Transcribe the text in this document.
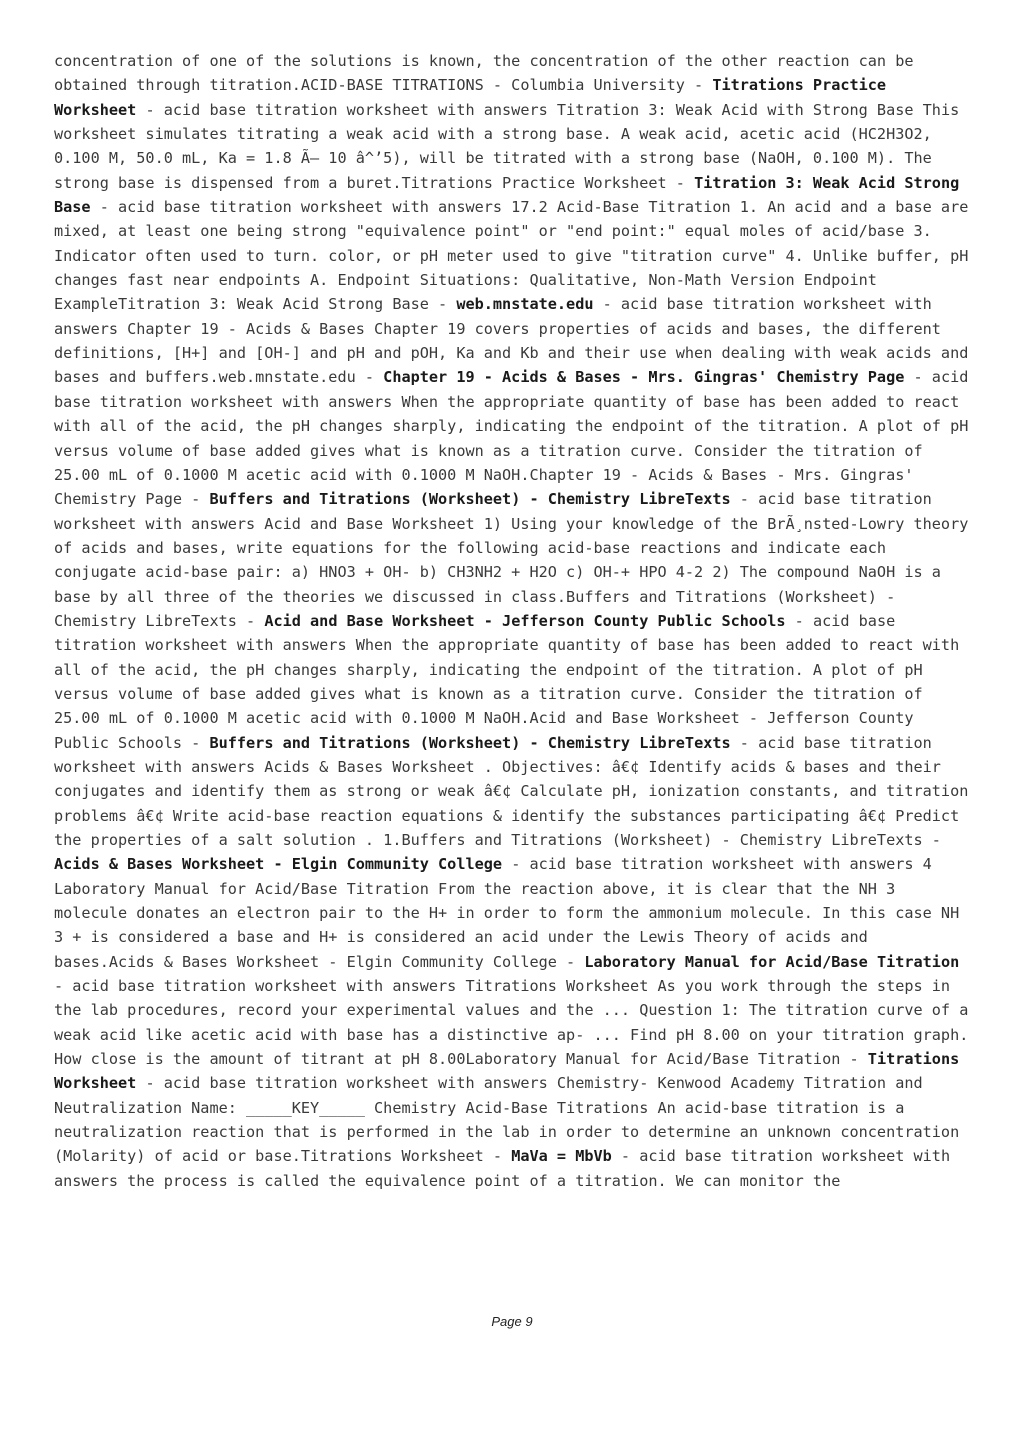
concentration of one of the solutions is known, the concentration of the other reaction can be obtained through titration.ACID-BASE TITRATIONS - Columbia University - Titrations Practice Worksheet - acid base titration worksheet with answers Titration 3: Weak Acid with Strong Base This worksheet simulates titrating a weak acid with a strong base. A weak acid, acetic acid (HC2H3O2, 0.100 M, 50.0 mL, Ka = 1.8 Ã— 10 â^’5), will be titrated with a strong base (NaOH, 0.100 M). The strong base is dispensed from a buret.Titrations Practice Worksheet - Titration 3: Weak Acid Strong Base - acid base titration worksheet with answers 17.2 Acid-Base Titration 1. An acid and a base are mixed, at least one being strong "equivalence point" or "end point:" equal moles of acid/base 3. Indicator often used to turn. color, or pH meter used to give "titration curve" 4. Unlike buffer, pH changes fast near endpoints A. Endpoint Situations: Qualitative, Non-Math Version Endpoint ExampleTitration 3: Weak Acid Strong Base - web.mnstate.edu - acid base titration worksheet with answers Chapter 19 - Acids & Bases Chapter 19 covers properties of acids and bases, the different definitions, [H+] and [OH-] and pH and pOH, Ka and Kb and their use when dealing with weak acids and bases and buffers.web.mnstate.edu - Chapter 19 - Acids & Bases - Mrs. Gingras' Chemistry Page - acid base titration worksheet with answers When the appropriate quantity of base has been added to react with all of the acid, the pH changes sharply, indicating the endpoint of the titration. A plot of pH versus volume of base added gives what is known as a titration curve. Consider the titration of 25.00 mL of 0.1000 M acetic acid with 0.1000 M NaOH.Chapter 19 - Acids & Bases - Mrs. Gingras' Chemistry Page - Buffers and Titrations (Worksheet) - Chemistry LibreTexts - acid base titration worksheet with answers Acid and Base Worksheet 1) Using your knowledge of the BrÃ¸nsted-Lowry theory of acids and bases, write equations for the following acid-base reactions and indicate each conjugate acid-base pair: a) HNO3 + OH- b) CH3NH2 + H2O c) OH-+ HPO 4-2 2) The compound NaOH is a base by all three of the theories we discussed in class.Buffers and Titrations (Worksheet) - Chemistry LibreTexts - Acid and Base Worksheet - Jefferson County Public Schools - acid base titration worksheet with answers When the appropriate quantity of base has been added to react with all of the acid, the pH changes sharply, indicating the endpoint of the titration. A plot of pH versus volume of base added gives what is known as a titration curve. Consider the titration of 25.00 mL of 0.1000 M acetic acid with 0.1000 M NaOH.Acid and Base Worksheet - Jefferson County Public Schools - Buffers and Titrations (Worksheet) - Chemistry LibreTexts - acid base titration worksheet with answers Acids & Bases Worksheet . Objectives: â€¢ Identify acids & bases and their conjugates and identify them as strong or weak â€¢ Calculate pH, ionization constants, and titration problems â€¢ Write acid-base reaction equations & identify the substances participating â€¢ Predict the properties of a salt solution . 1.Buffers and Titrations (Worksheet) - Chemistry LibreTexts - Acids & Bases Worksheet - Elgin Community College - acid base titration worksheet with answers 4 Laboratory Manual for Acid/Base Titration From the reaction above, it is clear that the NH 3 molecule donates an electron pair to the H+ in order to form the ammonium molecule. In this case NH 3 + is considered a base and H+ is considered an acid under the Lewis Theory of acids and bases.Acids & Bases Worksheet - Elgin Community College - Laboratory Manual for Acid/Base Titration - acid base titration worksheet with answers Titrations Worksheet As you work through the steps in the lab procedures, record your experimental values and the ... Question 1: The titration curve of a weak acid like acetic acid with base has a distinctive ap- ... Find pH 8.00 on your titration graph. How close is the amount of titrant at pH 8.00Laboratory Manual for Acid/Base Titration - Titrations Worksheet - acid base titration worksheet with answers Chemistry- Kenwood Academy Titration and Neutralization Name: _____KEY_____ Chemistry Acid-Base Titrations An acid-base titration is a neutralization reaction that is performed in the lab in order to determine an unknown concentration (Molarity) of acid or base.Titrations Worksheet - MaVa = MbVb - acid base titration worksheet with answers the process is called the equivalence point of a titration. We can monitor the

Page 9
